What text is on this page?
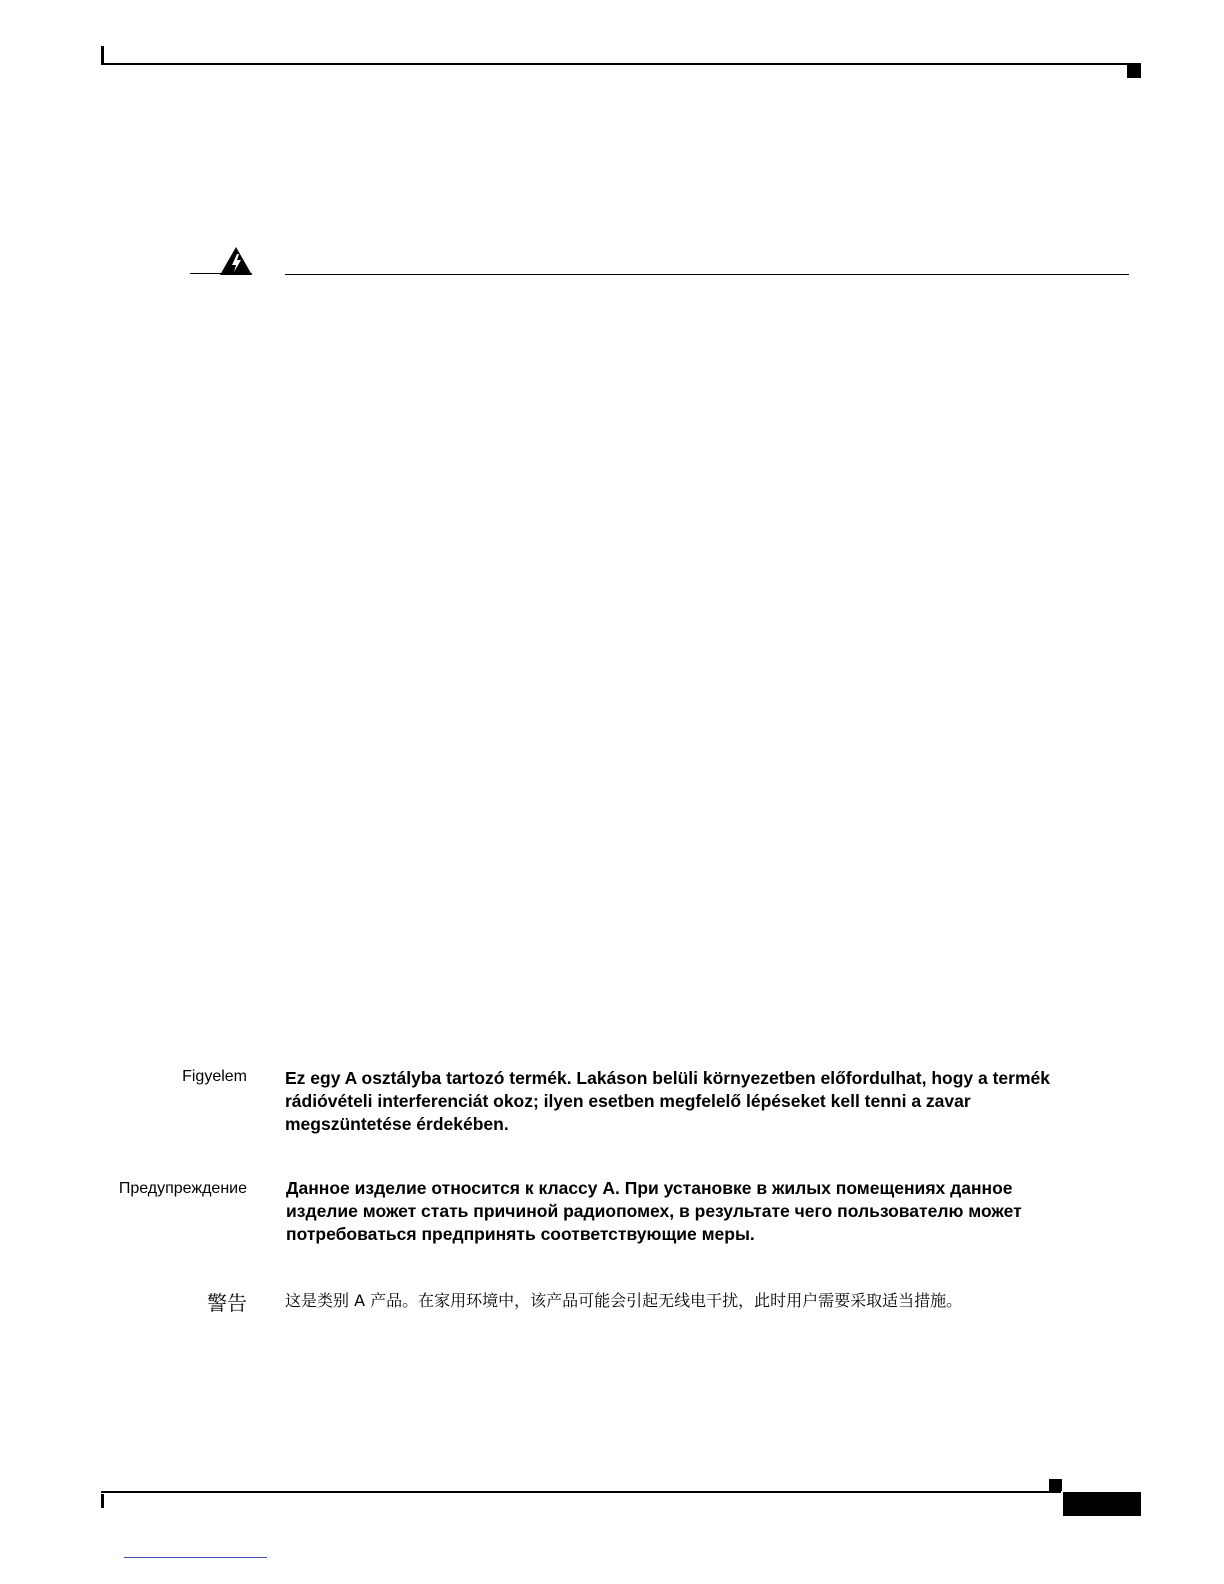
Figyelem Ez egy A osztályba tartozó termék. Lakáson belüli környezetben előfordulhat, hogy a termék
rádióvételi interferenciát okoz; ilyen esetben megfelelő lépéseket kell tenni a zavar
megszüntetése érdekében.
Предупреждение Данное изделие относится к классу А. При установке в жилых помещениях данное
изделие может стать причиной радиопомех, в результате чего пользователю может
потребоваться предпринять соответствующие меры.
警告 这是类别 A 产品。在家用环境中，该产品可能会引起无线电干扰，此时用户需要采取适当措施。
